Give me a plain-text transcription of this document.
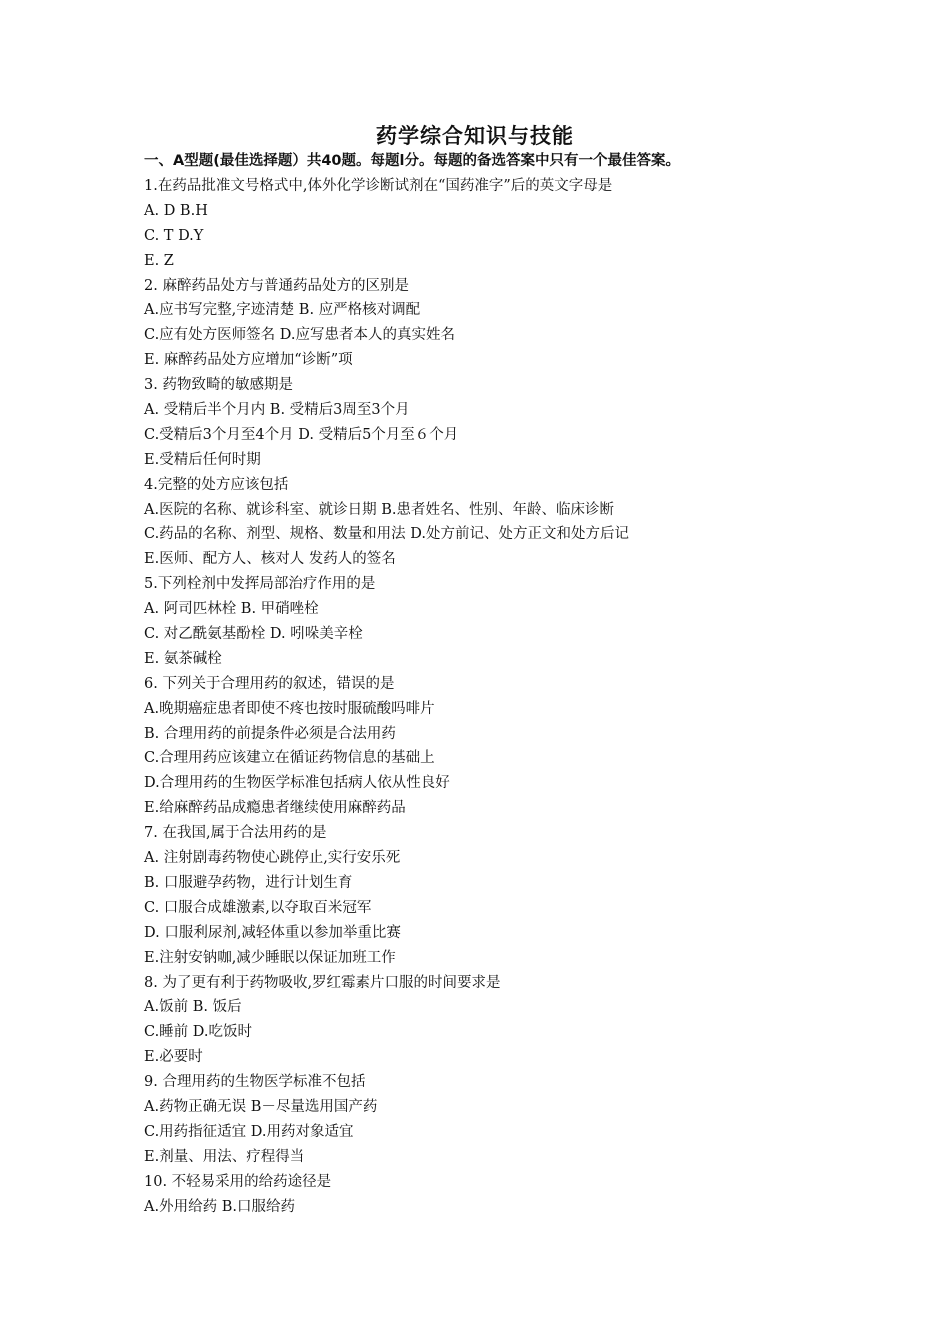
药学综合知识与技能
一、A型题(最佳选择题）共40题。每题l分。每题的备选答案中只有一个最佳答案。
1.在药品批准文号格式中,体外化学诊断试剂在“国药准字”后的英文字母是
A. D B.H
C. T D.Y
E. Z
2. 麻醉药品处方与普通药品处方的区别是
A.应书写完整,字迹清楚 B. 应严格核对调配
C.应有处方医师签名 D.应写患者本人的真实姓名
E. 麻醉药品处方应增加“诊断”项
3. 药物致畸的敏感期是
A. 受精后半个月内 B. 受精后3周至3个月
C.受精后3个月至4个月 D. 受精后5个月至６个月
E.受精后任何时期
4.完整的处方应该包括
A.医院的名称、就诊科室、就诊日期 B.患者姓名、性别、年龄、临床诊断
C.药品的名称、剂型、规格、数量和用法 D.处方前记、处方正文和处方后记
E.医师、配方人、核对人 发药人的签名
5.下列栓剂中发挥局部治疗作用的是
A. 阿司匹林栓 B. 甲硝唑栓
C. 对乙酰氨基酚栓 D. 吲哚美辛栓
E. 氨茶碱栓
6. 下列关于合理用药的叙述，错误的是
A.晚期癌症患者即使不疼也按时服硫酸吗啡片
B. 合理用药的前提条件必须是合法用药
C.合理用药应该建立在循证药物信息的基础上
D.合理用药的生物医学标准包括病人依从性良好
E.给麻醉药品成瘾患者继续使用麻醉药品
7. 在我国,属于合法用药的是
A. 注射剧毒药物使心跳停止,实行安乐死
B. 口服避孕药物，进行计划生育
C. 口服合成雄激素,以夺取百米冠军
D. 口服利尿剂,减轻体重以参加举重比赛
E.注射安钠咖,减少睡眠以保证加班工作
8. 为了更有利于药物吸收,罗红霉素片口服的时间要求是
A.饭前 B. 饭后
C.睡前 D.吃饭时
E.必要时
9. 合理用药的生物医学标准不包括
A.药物正确无误 B－尽量选用国产药
C.用药指征适宜 D.用药对象适宜
E.剂量、用法、疗程得当
10. 不轻易采用的给药途径是
A.外用给药 B.口服给药
